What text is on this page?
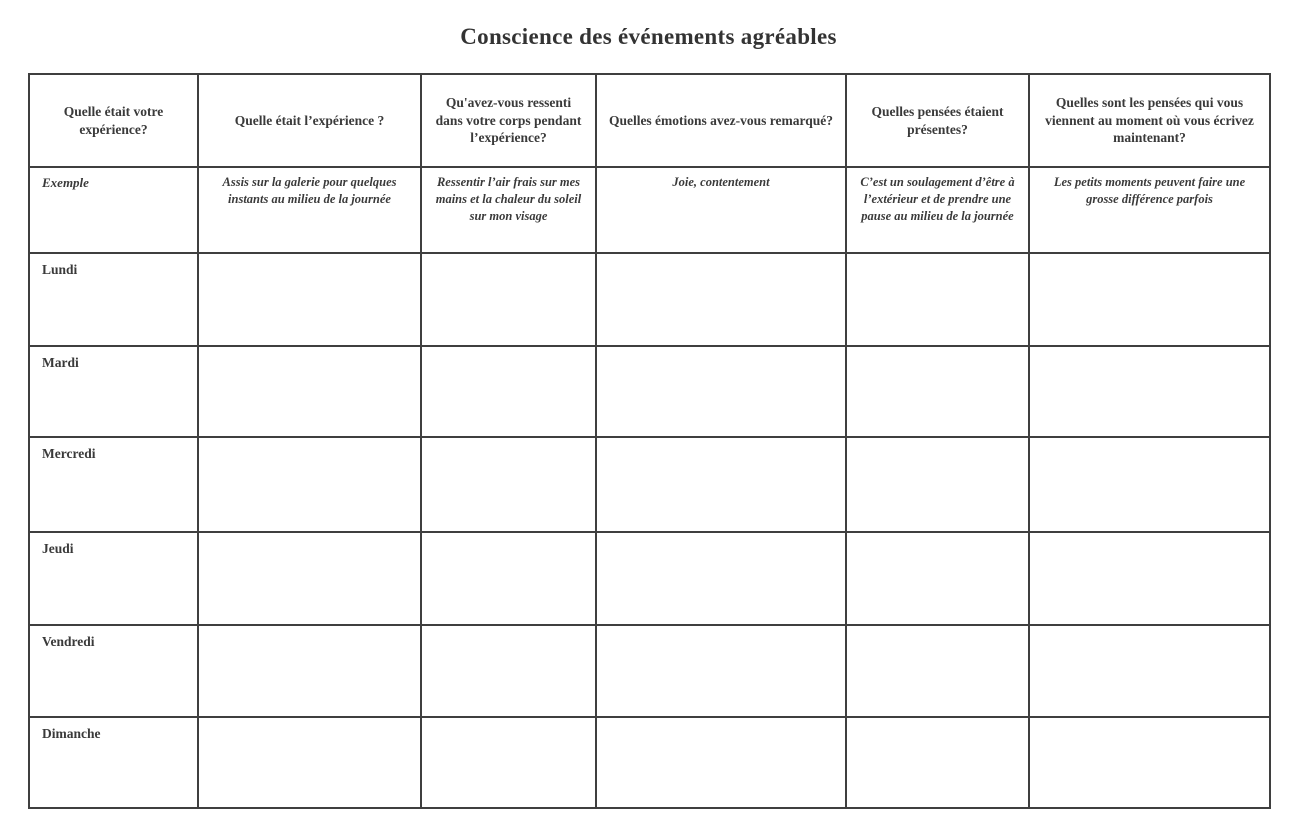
Conscience des événements agréables
Quelle était votre expérience?	Quelle était l’expérience ?	Qu'avez-vous ressenti dans votre corps pendant l’expérience?	Quelles émotions avez-vous remarqué?	Quelles pensées étaient présentes?	Quelles sont les pensées qui vous viennent au moment où vous écrivez maintenant?
Exemple	Assis sur la galerie pour quelques instants au milieu de la journée	Ressentir l’air frais sur mes mains et la chaleur du soleil sur mon visage	Joie, contentement	C’est un soulagement d’être à l’extérieur et de prendre une pause au milieu de la journée	Les petits moments peuvent faire une grosse différence parfois
Lundi					
Mardi					
Mercredi					
Jeudi					
Vendredi					
Dimanche					
